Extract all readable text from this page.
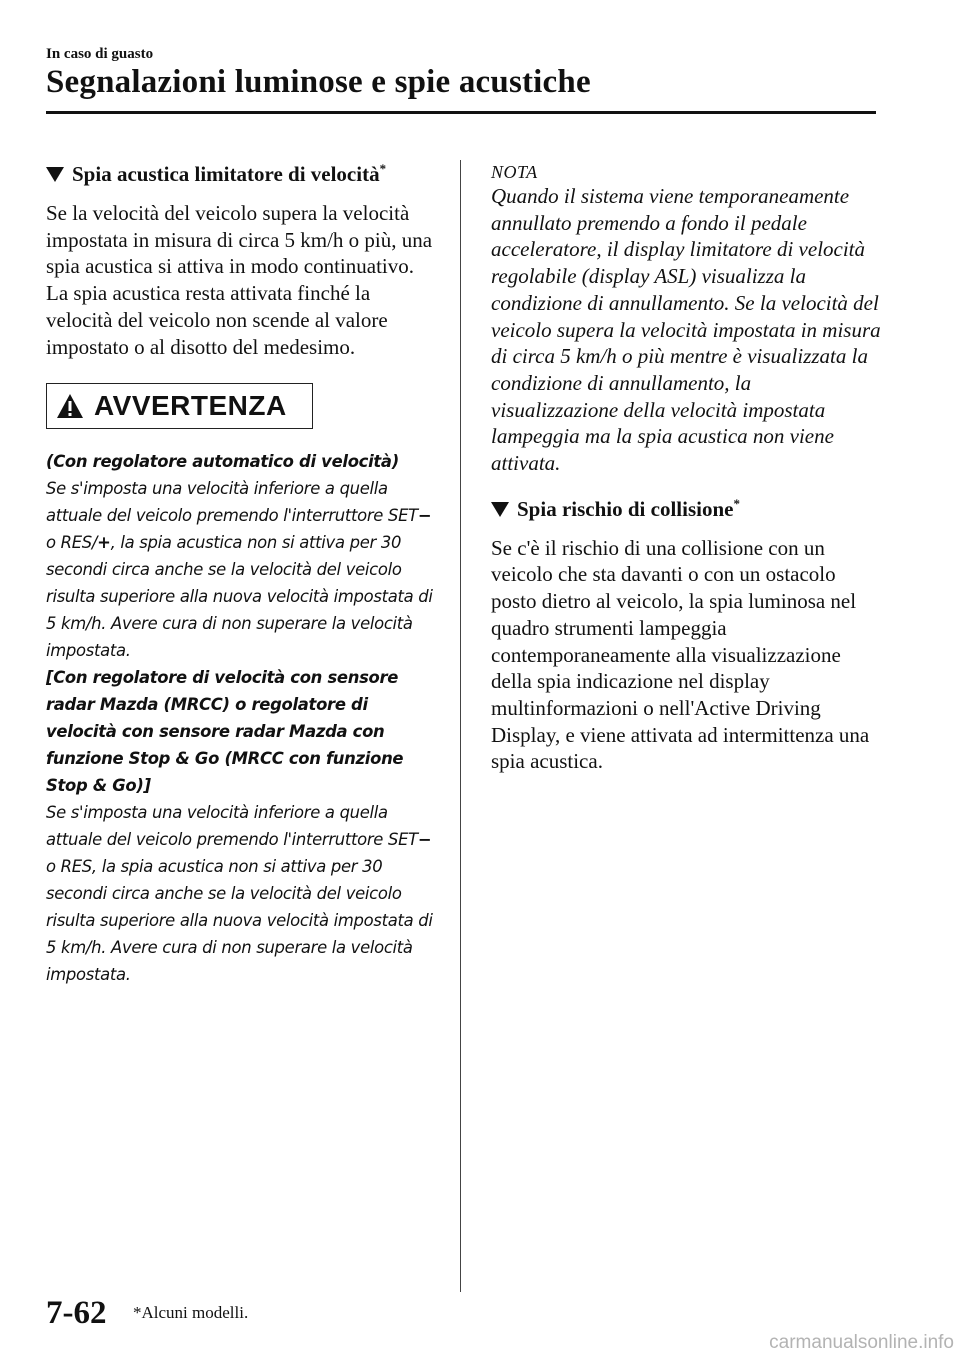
In caso di guasto
Segnalazioni luminose e spie acustiche
Spia acustica limitatore di velocità*
Se la velocità del veicolo supera la velocità impostata in misura di circa 5 km/h o più, una spia acustica si attiva in modo continuativo. La spia acustica resta attivata finché la velocità del veicolo non scende al valore impostato o al disotto del medesimo.
AVVERTENZA

(Con regolatore automatico di velocità)

Se s'imposta una velocità inferiore a quella attuale del veicolo premendo l'interruttore SET− o RES/+, la spia acustica non si attiva per 30 secondi circa anche se la velocità del veicolo risulta superiore alla nuova velocità impostata di 5 km/h. Avere cura di non superare la velocità impostata.

[Con regolatore di velocità con sensore radar Mazda (MRCC) o regolatore di velocità con sensore radar Mazda con funzione Stop & Go (MRCC con funzione Stop & Go)]

Se s'imposta una velocità inferiore a quella attuale del veicolo premendo l'interruttore SET− o RES, la spia acustica non si attiva per 30 secondi circa anche se la velocità del veicolo risulta superiore alla nuova velocità impostata di 5 km/h. Avere cura di non superare la velocità impostata.

NOTA
Quando il sistema viene temporaneamente annullato premendo a fondo il pedale acceleratore, il display limitatore di velocità regolabile (display ASL) visualizza la condizione di annullamento. Se la velocità del veicolo supera la velocità impostata in misura di circa 5 km/h o più mentre è visualizzata la condizione di annullamento, la visualizzazione della velocità impostata lampeggia ma la spia acustica non viene attivata.
Spia rischio di collisione*
Se c'è il rischio di una collisione con un veicolo che sta davanti o con un ostacolo posto dietro al veicolo, la spia luminosa nel quadro strumenti lampeggia contemporaneamente alla visualizzazione della spia indicazione nel display multinformazioni o nell'Active Driving Display, e viene attivata ad intermittenza una spia acustica.
7-62 *Alcuni modelli.
carmanualsonline.info
